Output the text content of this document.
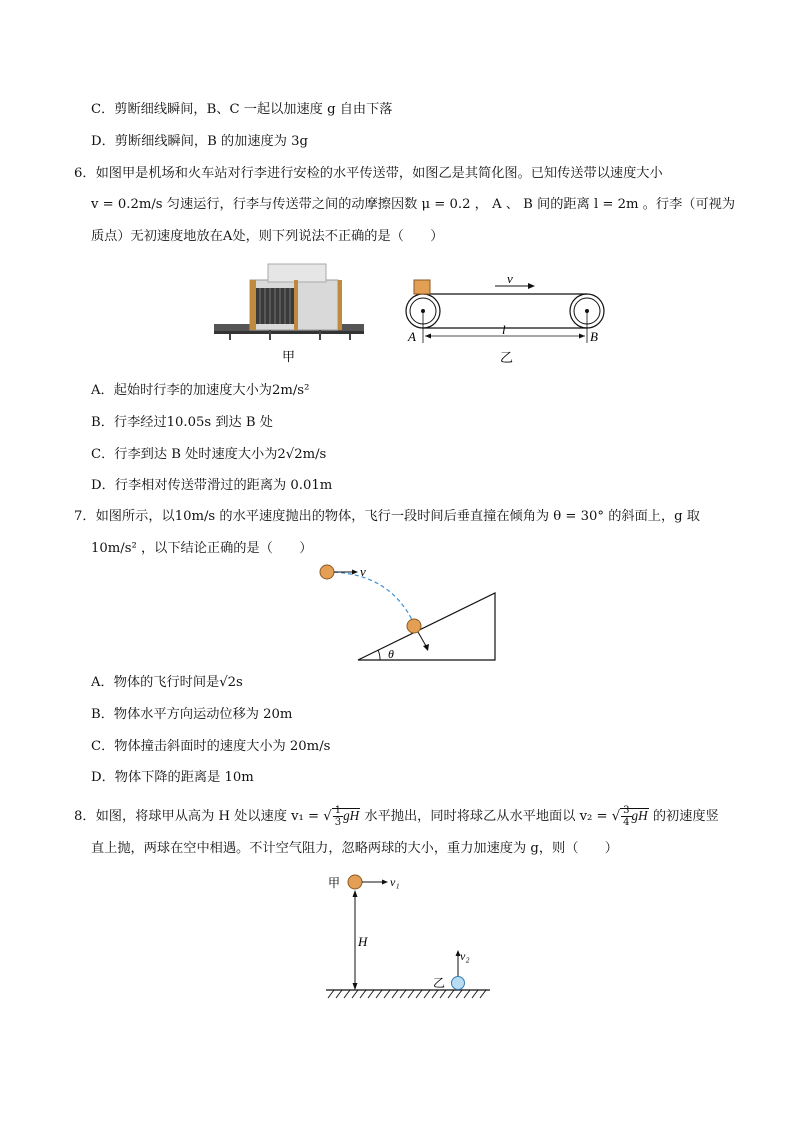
C．剪断细线瞬间，B、C 一起以加速度 g 自由下落
D．剪断细线瞬间，B 的加速度为 3g
6．如图甲是机场和火车站对行李进行安检的水平传送带，如图乙是其简化图。已知传送带以速度大小
v = 0.2m/s 匀速运行，行李与传送带之间的动摩擦因数 μ = 0.2 ， A 、 B 间的距离 l = 2m 。行李（可视为
质点）无初速度地放在A处，则下列说法不正确的是（　　）
甲
v
l
A	B
乙
A．起始时行李的加速度大小为2m/s²
B．行李经过10.05s 到达 B 处
C．行李到达 B 处时速度大小为2√2m/s
D．行李相对传送带滑过的距离为 0.01m
7．如图所示，以10m/s 的水平速度抛出的物体，飞行一段时间后垂直撞在倾角为 θ = 30° 的斜面上，g 取
10m/s² ，以下结论正确的是（　　）
θ
v
A．物体的飞行时间是√2s
B．物体水平方向运动位移为 20m
C．物体撞击斜面时的速度大小为 20m/s
D．物体下降的距离是 10m
8．如图，将球甲从高为 H 处以速度 v₁ = √ $\frac{1}{3}$ gH 水平抛出，同时将球乙从水平地面以 v₂ = √ $\frac{3}{4}$ gH 的初速度竖
直上抛，两球在空中相遇。不计空气阻力，忽略两球的大小，重力加速度为 g，则（　　）
甲	v₁
H
乙
v₂
